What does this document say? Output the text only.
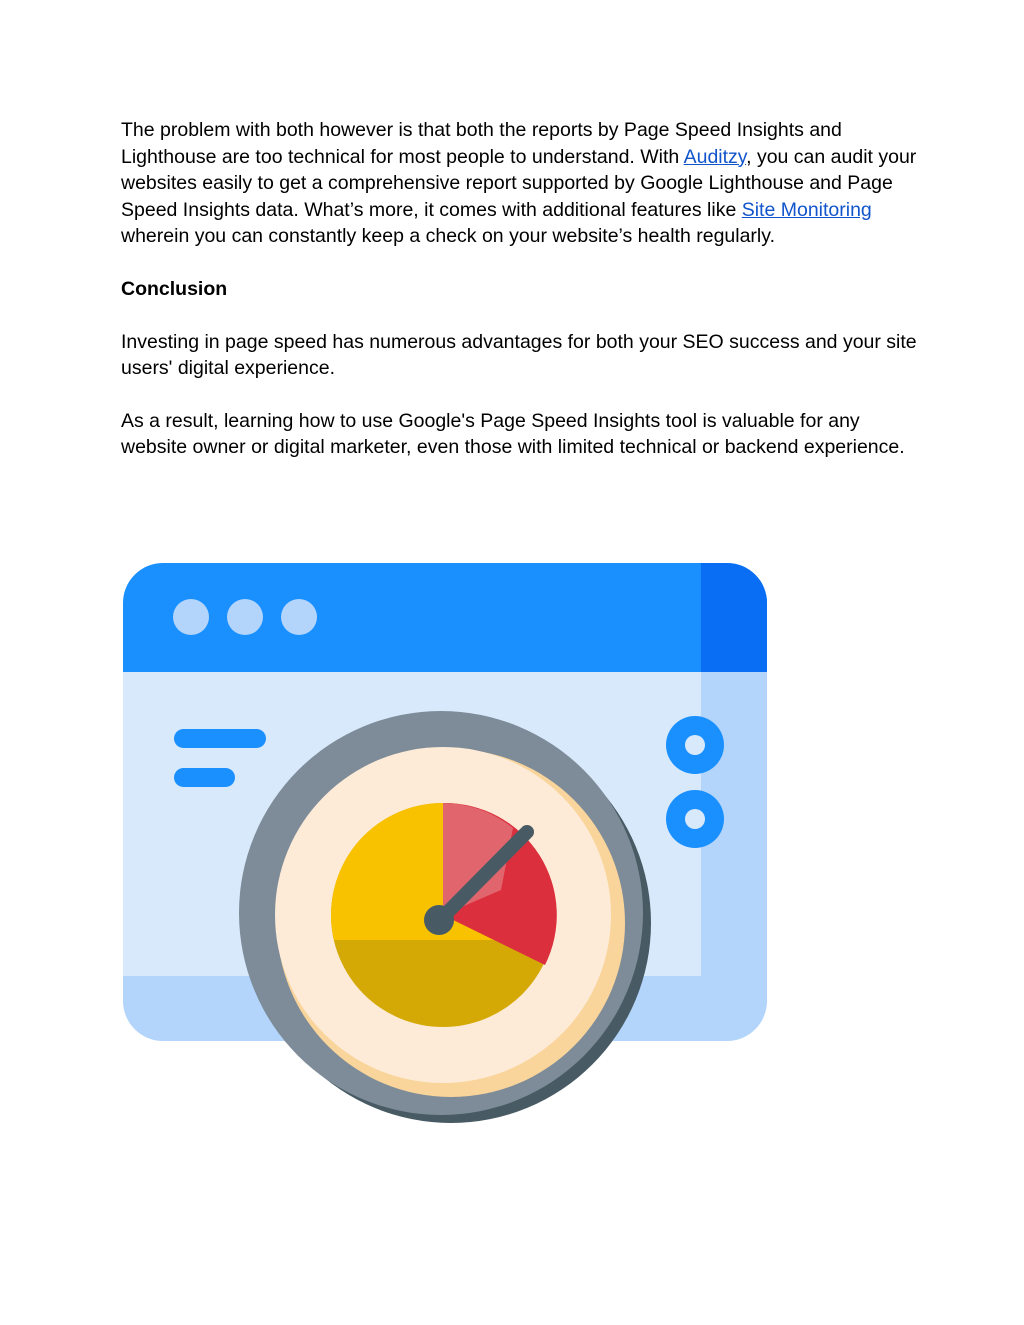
The problem with both however is that both the reports by Page Speed Insights and Lighthouse are too technical for most people to understand. With Auditzy, you can audit your websites easily to get a comprehensive report supported by Google Lighthouse and Page Speed Insights data. What’s more, it comes with additional features like Site Monitoring wherein you can constantly keep a check on your website’s health regularly.

Conclusion

Investing in page speed has numerous advantages for both your SEO success and your site users' digital experience.

As a result, learning how to use Google's Page Speed Insights tool is valuable for any website owner or digital marketer, even those with limited technical or backend experience.
